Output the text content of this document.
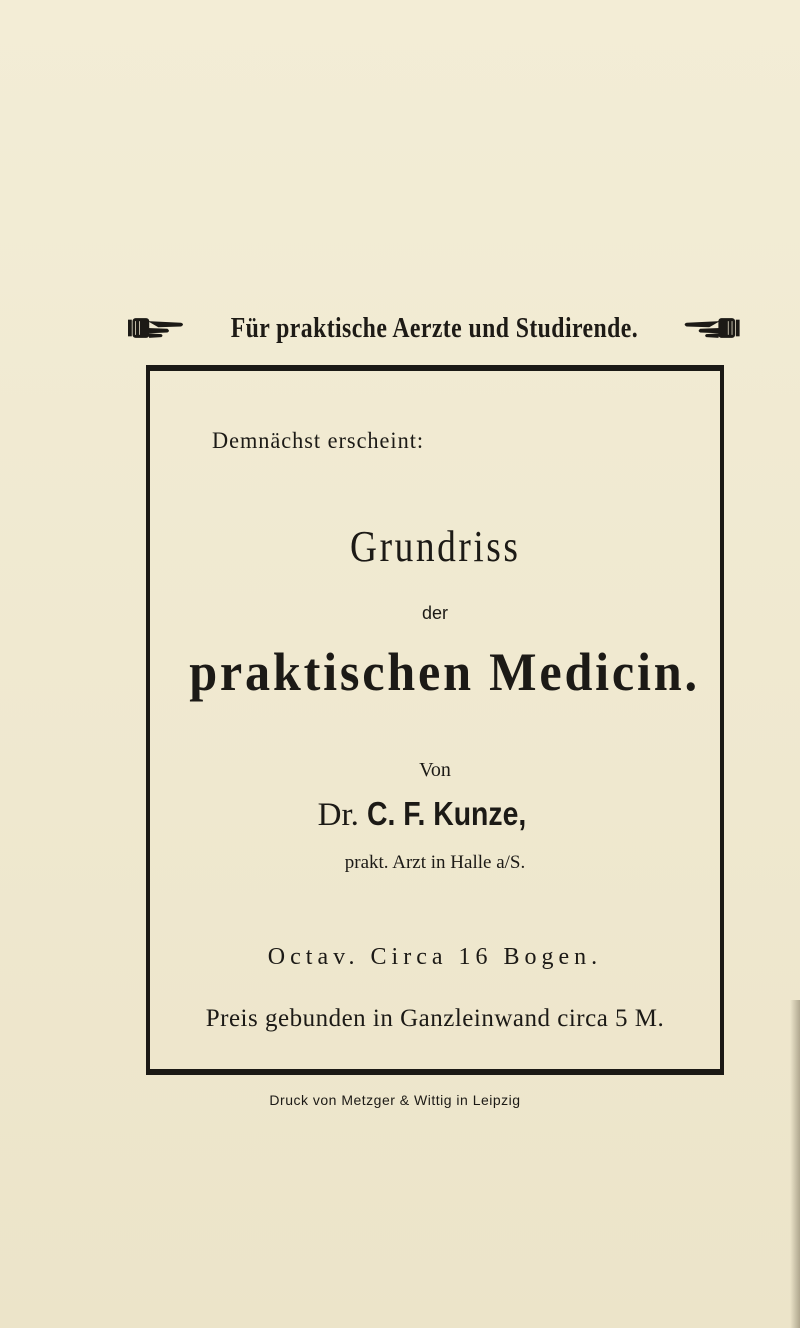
Für praktische Aerzte und Studirende.
Demnächst erscheint:
Grundriss
der
praktischen Medicin.
Von
Dr. C. F. Kunze,
prakt. Arzt in Halle a/S.
Octav. Circa 16 Bogen.
Preis gebunden in Ganzleinwand circa 5 M.
Druck von Metzger & Wittig in Leipzig
